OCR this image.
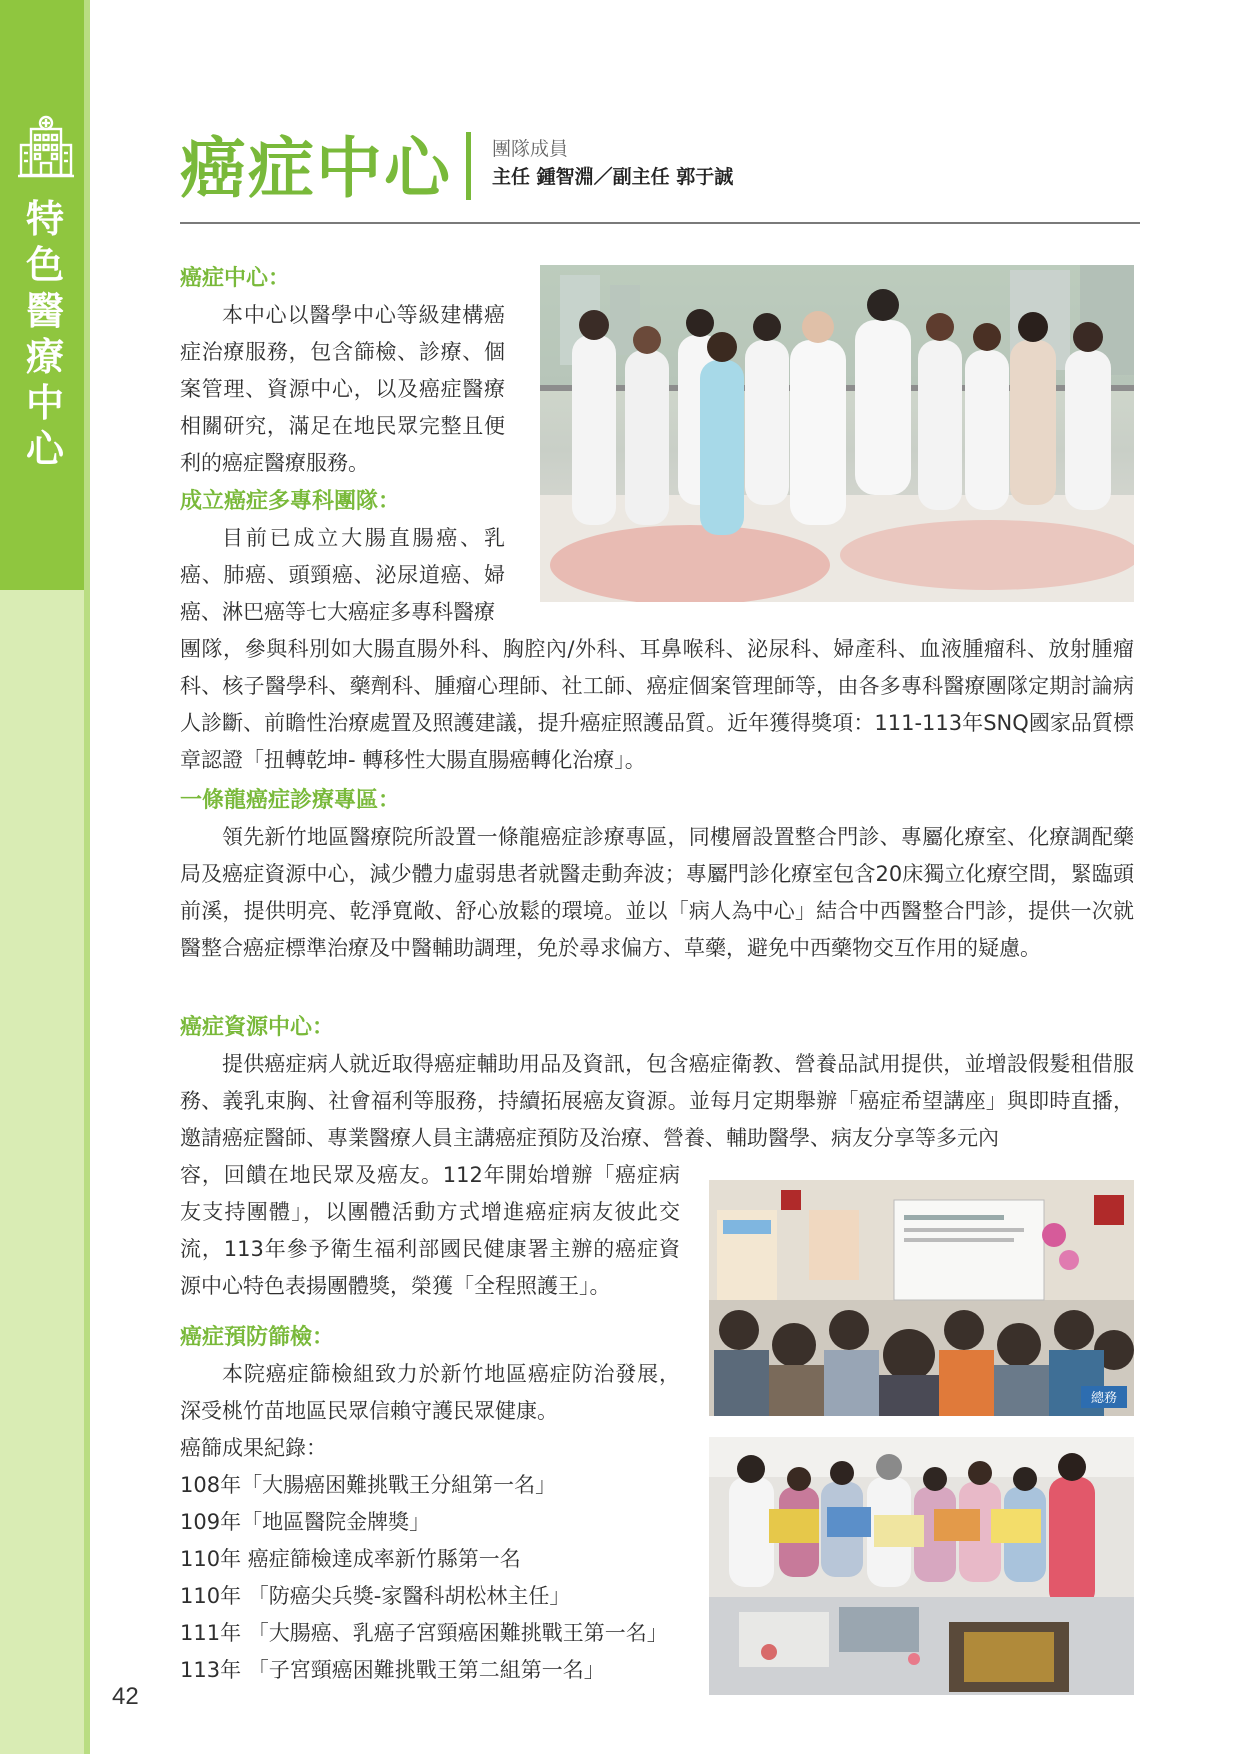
特
色
醫
療
中
心
42
癌症中心 團隊成員
主任 鍾智淵／副主任 郭于誠
癌症中心：
本中心以醫學中心等級建構癌症治療服務，包含篩檢、診療、個案管理、資源中心，以及癌症醫療相關研究，滿足在地民眾完整且便利的癌症醫療服務。
成立癌症多專科團隊：
目前已成立大腸直腸癌、乳癌、肺癌、頭頸癌、泌尿道癌、婦癌、淋巴癌等七大癌症多專科醫療
團隊，參與科別如大腸直腸外科、胸腔內/外科、耳鼻喉科、泌尿科、婦產科、血液腫瘤科、放射腫瘤科、核子醫學科、藥劑科、腫瘤心理師、社工師、癌症個案管理師等，由各多專科醫療團隊定期討論病人診斷、前瞻性治療處置及照護建議，提升癌症照護品質。近年獲得獎項：111-113年SNQ國家品質標章認證「扭轉乾坤- 轉移性大腸直腸癌轉化治療」。
一條龍癌症診療專區：
領先新竹地區醫療院所設置一條龍癌症診療專區，同樓層設置整合門診、專屬化療室、化療調配藥局及癌症資源中心，減少體力虛弱患者就醫走動奔波；專屬門診化療室包含20床獨立化療空間，緊臨頭前溪，提供明亮、乾淨寬敞、舒心放鬆的環境。並以「病人為中心」結合中西醫整合門診，提供一次就醫整合癌症標準治療及中醫輔助調理，免於尋求偏方、草藥，避免中西藥物交互作用的疑慮。
癌症資源中心：
提供癌症病人就近取得癌症輔助用品及資訊，包含癌症衛教、營養品試用提供，並增設假髮租借服務、義乳束胸、社會福利等服務，持續拓展癌友資源。並每月定期舉辦「癌症希望講座」與即時直播，邀請癌症醫師、專業醫療人員主講癌症預防及治療、營養、輔助醫學、病友分享等多元內
容，回饋在地民眾及癌友。112年開始增辦「癌症病友支持團體」，以團體活動方式增進癌症病友彼此交流，113年參予衛生福利部國民健康署主辦的癌症資源中心特色表揚團體獎，榮獲「全程照護王」。
總務
癌症預防篩檢：
本院癌症篩檢組致力於新竹地區癌症防治發展，深受桃竹苗地區民眾信賴守護民眾健康。
癌篩成果紀錄：
108年「大腸癌困難挑戰王分組第一名」
109年「地區醫院金牌獎」
110年 癌症篩檢達成率新竹縣第一名
110年 「防癌尖兵獎-家醫科胡松林主任」
111年 「大腸癌、乳癌子宮頸癌困難挑戰王第一名」
113年 「子宮頸癌困難挑戰王第二組第一名」
